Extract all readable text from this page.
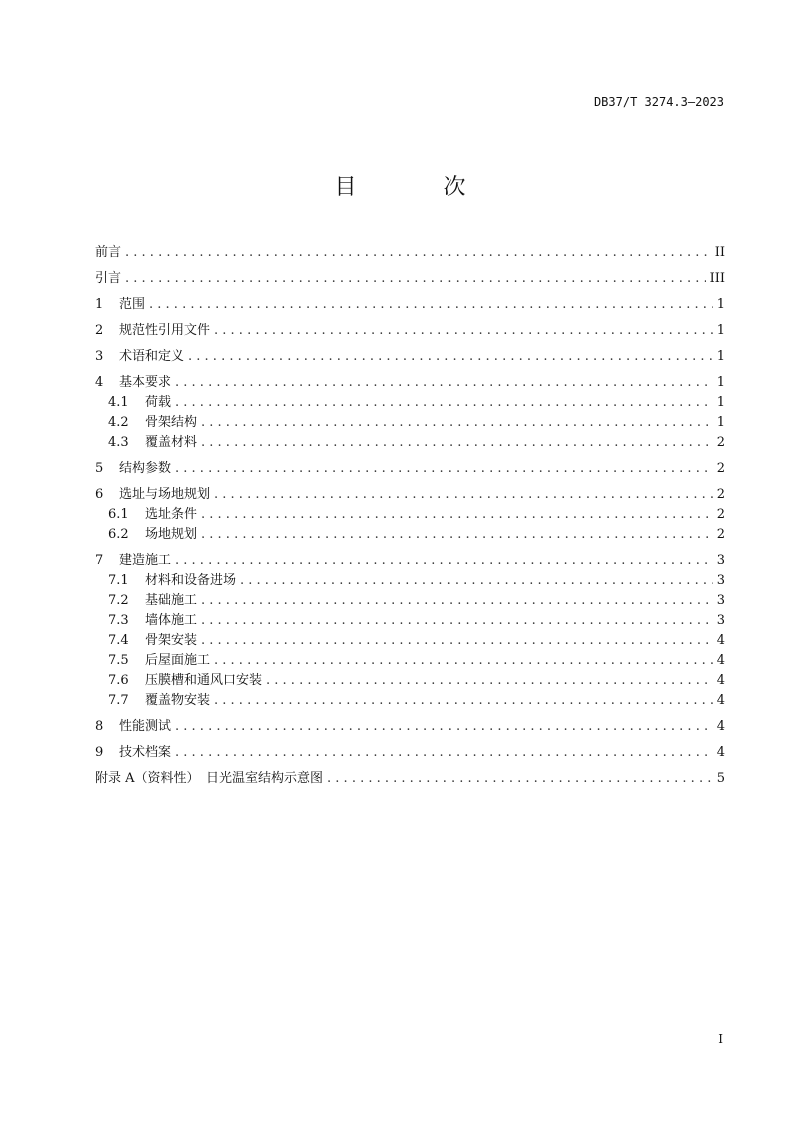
DB37/T 3274.3—2023
目 次
前言 . . .	II
引言 . . .	III
1	范围 . . .	1
2	规范性引用文件 . . .	1
3	术语和定义 . . .	1
4	基本要求 . . .	1
4.1	荷载 . . .	1
4.2	骨架结构 . . .	1
4.3	覆盖材料 . . .	2
5	结构参数 . . .	2
6	选址与场地规划 . . .	2
6.1	选址条件 . . .	2
6.2	场地规划 . . .	2
7	建造施工 . . .	3
7.1	材料和设备进场 . . .	3
7.2	基础施工 . . .	3
7.3	墙体施工 . . .	3
7.4	骨架安装 . . .	4
7.5	后屋面施工 . . .	4
7.6	压膜槽和通风口安装 . . .	4
7.7	覆盖物安装 . . .	4
8	性能测试 . . .	4
9	技术档案 . . .	4
附录 A（资料性）　日光温室结构示意图 . . .	5
I
